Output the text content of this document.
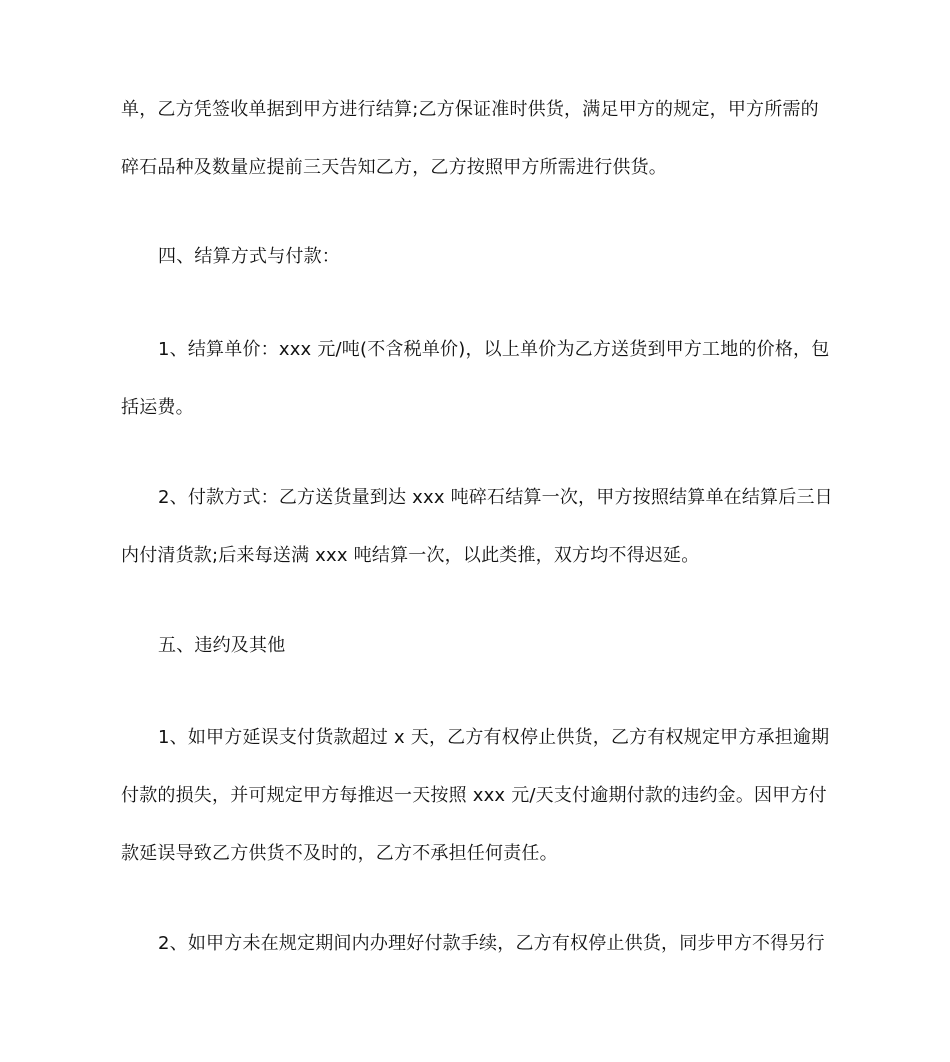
单，乙方凭签收单据到甲方进行结算;乙方保证准时供货，满足甲方的规定，甲方所需的
碎石品种及数量应提前三天告知乙方，乙方按照甲方所需进行供货。
四、结算方式与付款：
1、结算单价：xxx 元/吨(不含税单价)，以上单价为乙方送货到甲方工地的价格，包
括运费。
2、付款方式：乙方送货量到达 xxx 吨碎石结算一次，甲方按照结算单在结算后三日
内付清货款;后来每送满 xxx 吨结算一次，以此类推，双方均不得迟延。
五、违约及其他
1、如甲方延误支付货款超过 x 天，乙方有权停止供货，乙方有权规定甲方承担逾期
付款的损失，并可规定甲方每推迟一天按照 xxx 元/天支付逾期付款的违约金。因甲方付
款延误导致乙方供货不及时的，乙方不承担任何责任。
2、如甲方未在规定期间内办理好付款手续，乙方有权停止供货，同步甲方不得另行
